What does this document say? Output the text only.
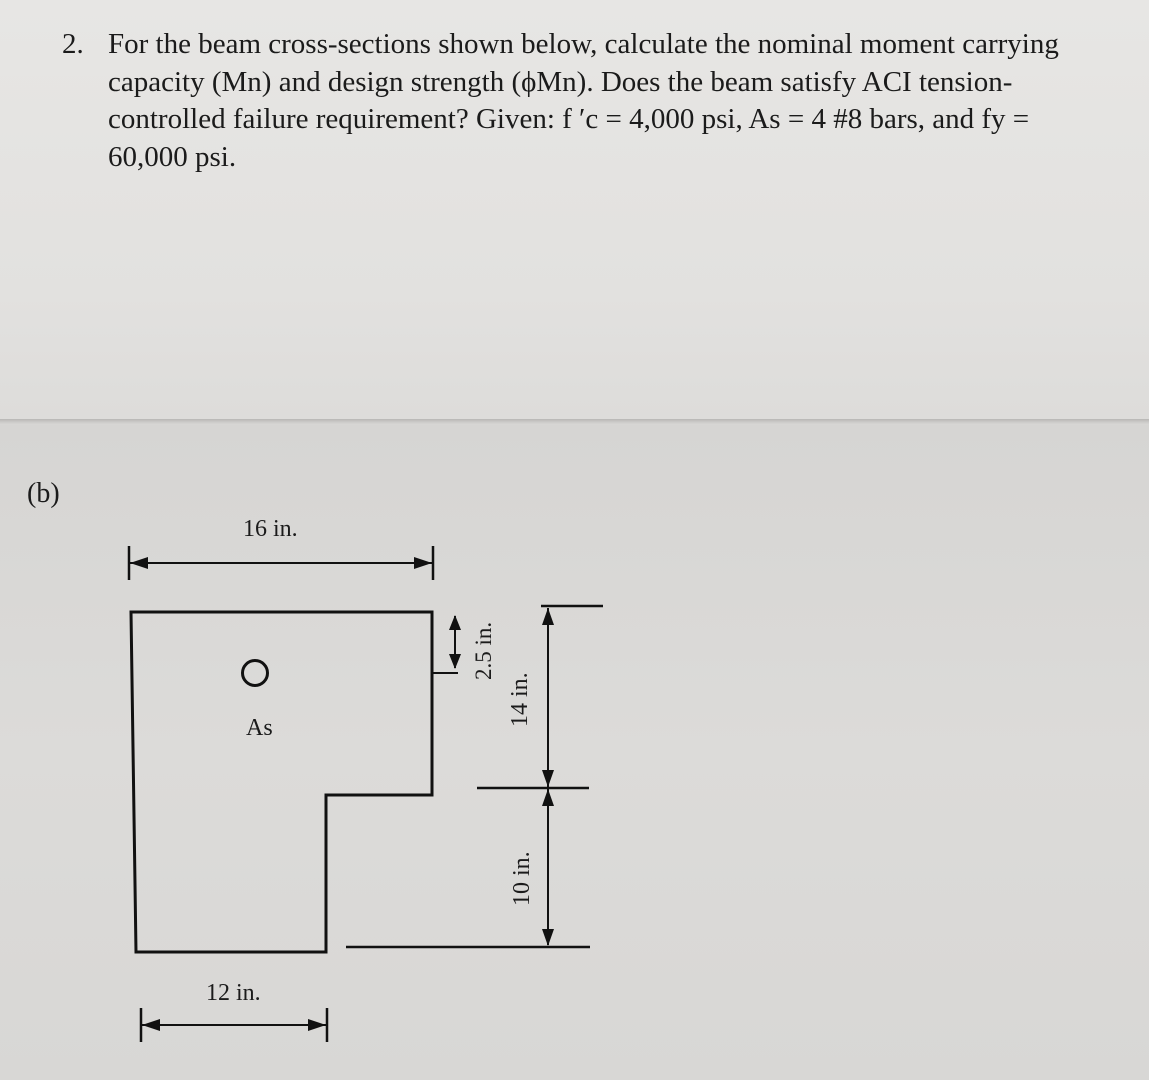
2. For the beam cross-sections shown below, calculate the nominal moment carrying
capacity (Mn) and design strength (ϕMn). Does the beam satisfy ACI tension-
controlled failure requirement? Given: f ′c = 4,000 psi, As = 4 #8 bars, and fy =
60,000 psi.
(b)
As
16 in.
12 in.
2.5 in.
14 in.
10 in.
